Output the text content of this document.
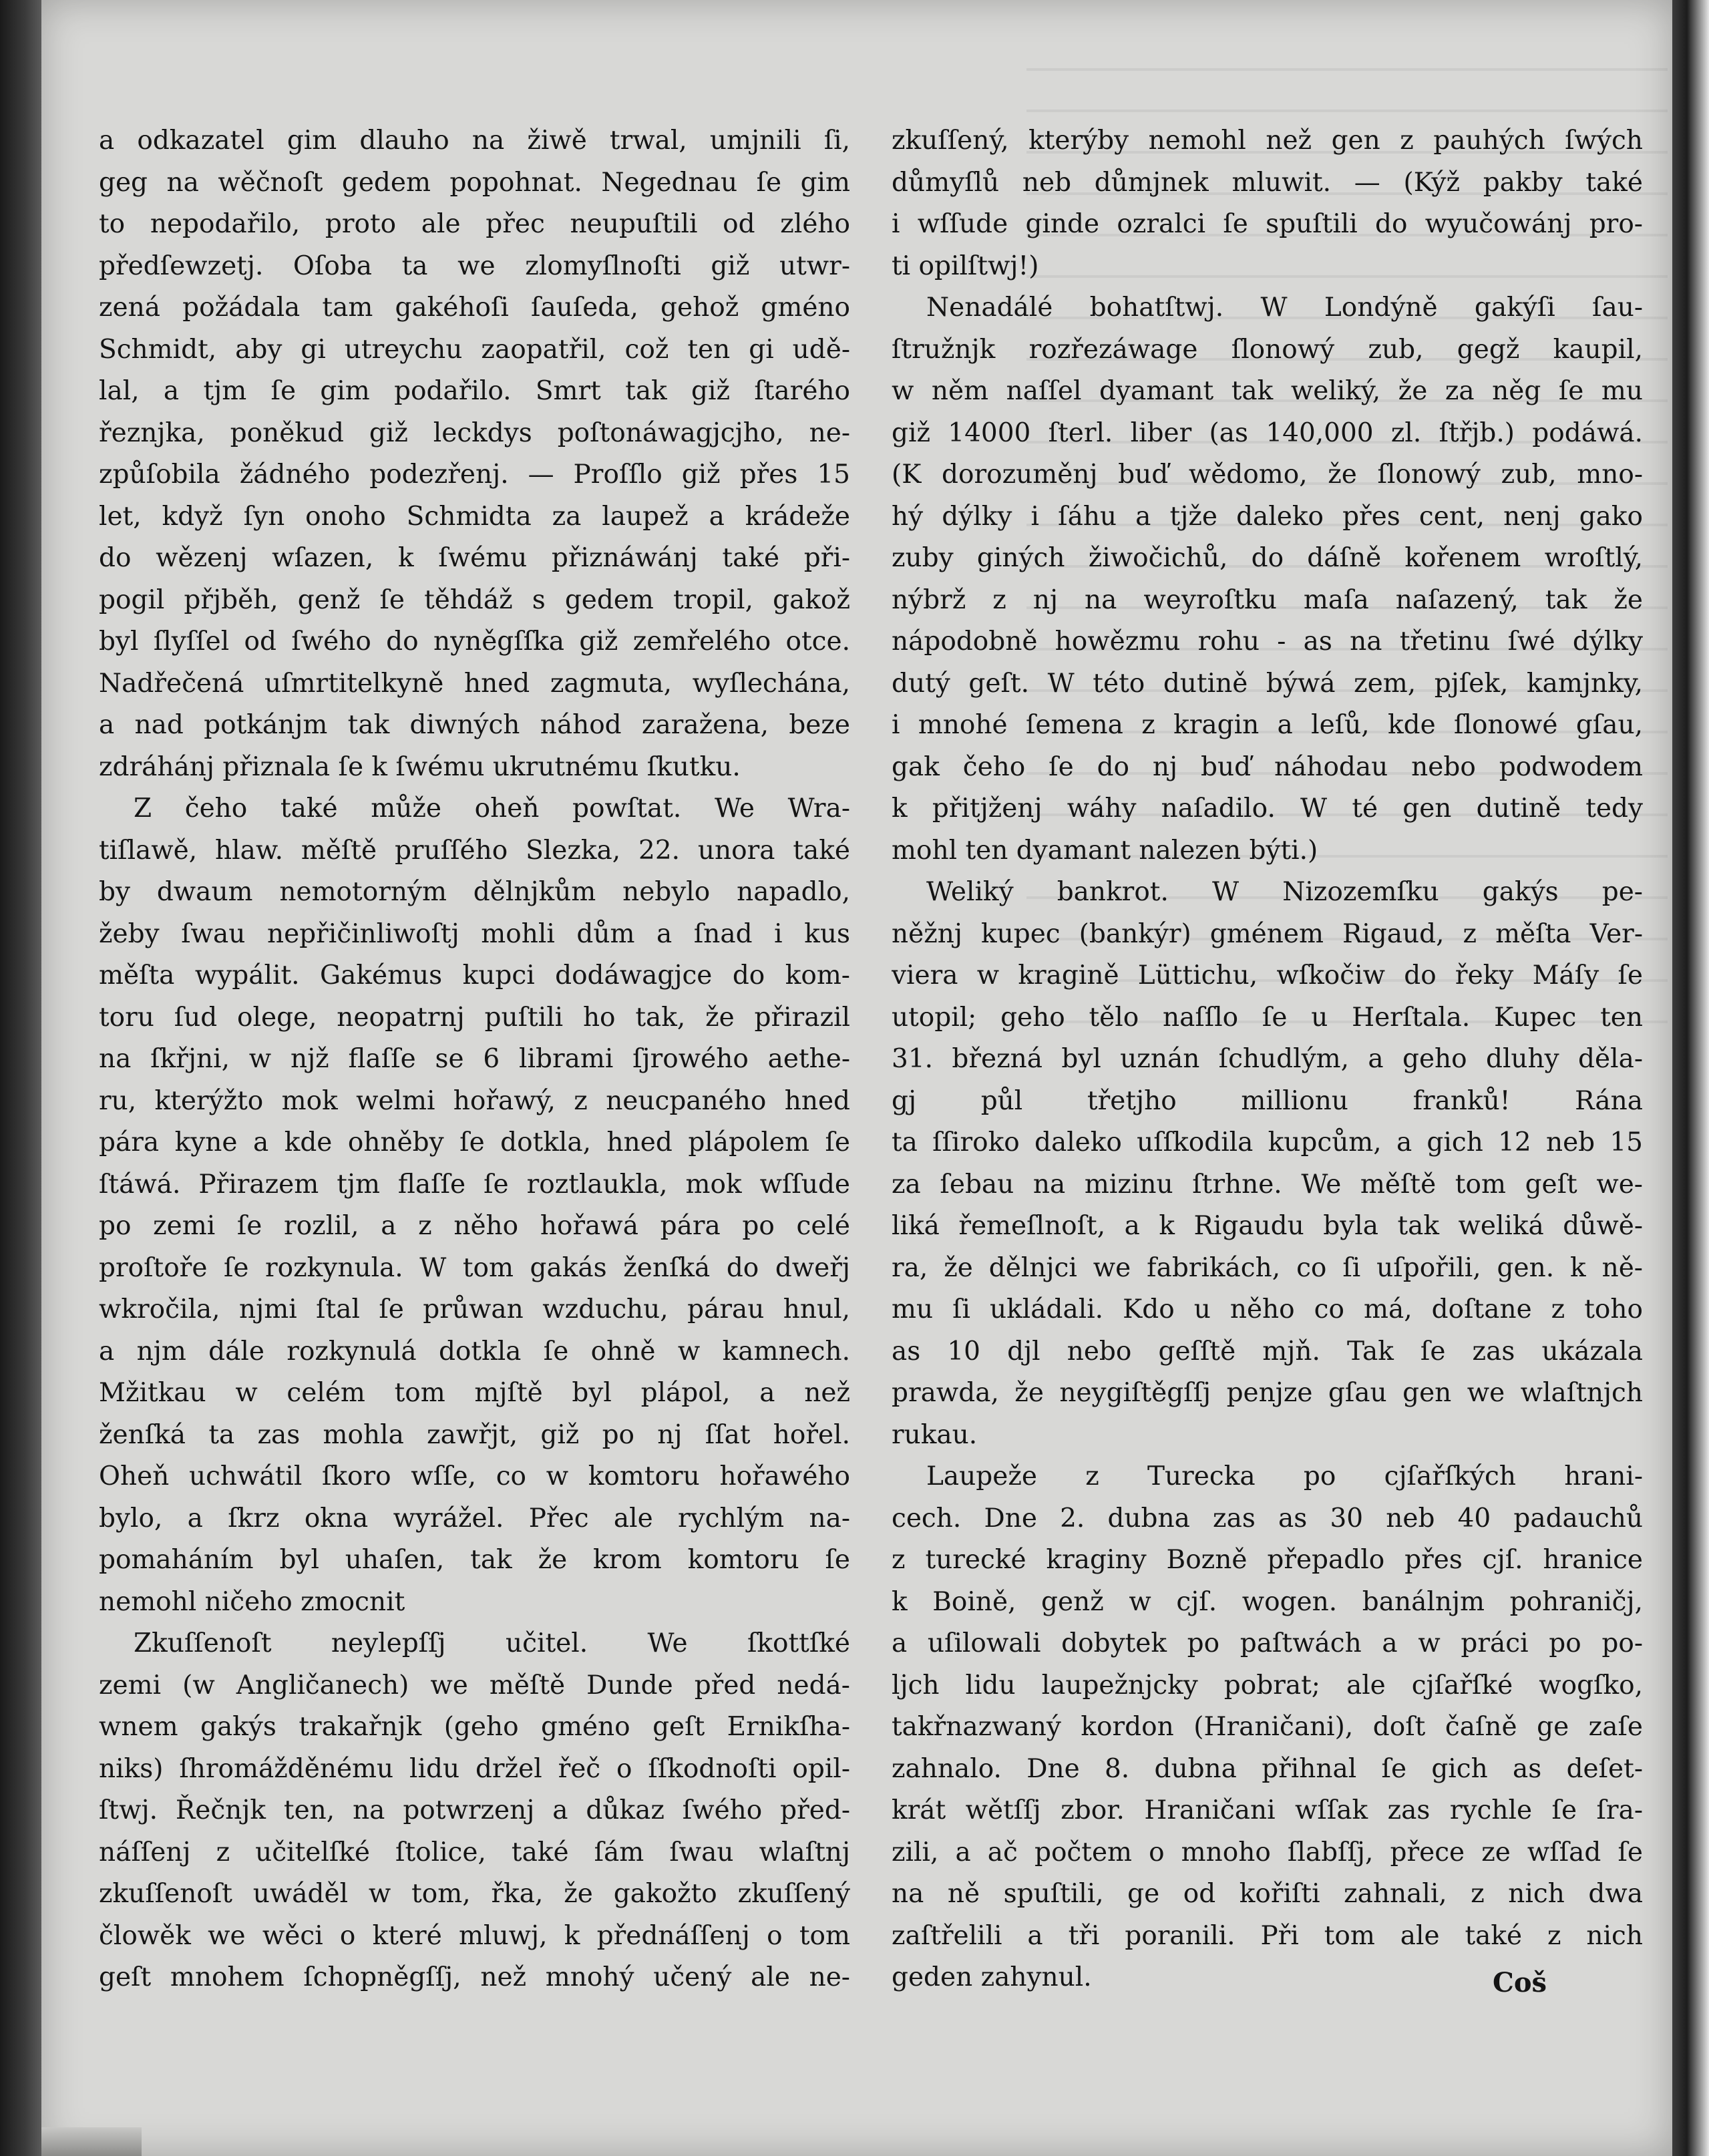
a odkazatel gim dlauho na žiwě trwal, umjnili ſi,
geg na wěčnoſt gedem popohnat. Negednau ſe gim
to nepodařilo, proto ale přec neupuſtili od zlého
předſewzetj. Oſoba ta we zlomyſlnoſti giž utwr-
zená požádala tam gakéhoſi ſauſeda, gehož gméno
Schmidt, aby gi utreychu zaopatřil, což ten gi udě-
lal, a tjm ſe gim podařilo. Smrt tak giž ſtarého
řeznjka, poněkud giž leckdys poſtonáwagjcjho, ne-
způſobila žádného podezřenj. — Proſſlo giž přes 15
let, když ſyn onoho Schmidta za laupež a krádeže
do wězenj wſazen, k ſwému přiznáwánj také při-
pogil přjběh, genž ſe těhdáž s gedem tropil, gakož
byl ſlyſſel od ſwého do nyněgſſka giž zemřelého otce.
Nadřečená uſmrtitelkyně hned zagmuta, wyſlechána,
a nad potkánjm tak diwných náhod zaražena, beze
zdráhánj přiznala ſe k ſwému ukrutnému ſkutku.
Z čeho také může oheň powſtat. We Wra-
tiſlawě, hlaw. měſtě pruſſého Slezka, 22. unora také
by dwaum nemotorným dělnjkům nebylo napadlo,
žeby ſwau nepřičinliwoſtj mohli dům a ſnad i kus
měſta wypálit. Gakémus kupci dodáwagjce do kom-
toru ſud olege, neopatrnj puſtili ho tak, že přirazil
na ſkřjni, w njž flaſſe se 6 librami ſjrowého aethe-
ru, kterýžto mok welmi hořawý, z neucpaného hned
pára kyne a kde ohněby ſe dotkla, hned plápolem ſe
ſtáwá. Přirazem tjm flaſſe ſe roztlaukla, mok wſſude
po zemi ſe rozlil, a z něho hořawá pára po celé
proſtoře ſe rozkynula. W tom gakás ženſká do dweřj
wkročila, njmi ſtal ſe průwan wzduchu, párau hnul,
a njm dále rozkynulá dotkla ſe ohně w kamnech.
Mžitkau w celém tom mjſtě byl plápol, a než
ženſká ta zas mohla zawřjt, giž po nj ſſat hořel.
Oheň uchwátil ſkoro wſſe, co w komtoru hořawého
bylo, a ſkrz okna wyrážel. Přec ale rychlým na-
pomaháním byl uhaſen, tak že krom komtoru ſe
nemohl ničeho zmocnit
Zkuſſenoſt neylepſſj učitel. We ſkottſké
zemi (w Angličanech) we měſtě Dunde před nedá-
wnem gakýs trakařnjk (geho gméno geſt Ernikſha-
niks) ſhromážděnému lidu držel řeč o ſſkodnoſti opil-
ſtwj. Řečnjk ten, na potwrzenj a důkaz ſwého před-
náſſenj z učitelſké ſtolice, také ſám ſwau wlaſtnj
zkuſſenoſt uwáděl w tom, řka, že gakožto zkuſſený
člowěk we wěci o které mluwj, k přednáſſenj o tom
geſt mnohem ſchopněgſſj, než mnohý učený ale ne-
zkuſſený, kterýby nemohl než gen z pauhých ſwých
důmyſlů neb důmjnek mluwit. — (Kýž pakby také
i wſſude ginde ozralci ſe spuſtili do wyučowánj pro-
ti opilſtwj!)
Nenadálé bohatſtwj. W Londýně gakýſi ſau-
ſtružnjk rozřezáwage ſlonowý zub, gegž kaupil,
w něm naſſel dyamant tak weliký, že za něg ſe mu
giž 14000 ſterl. liber (as 140,000 zl. ſtřjb.) podáwá.
(K dorozuměnj buď wědomo, že ſlonowý zub, mno-
hý dýlky i ſáhu a tjže daleko přes cent, nenj gako
zuby giných žiwočichů, do dáſně kořenem wroſtlý,
nýbrž z nj na weyroſtku maſa naſazený, tak že
nápodobně howězmu rohu - as na třetinu ſwé dýlky
dutý geſt. W této dutině býwá zem, pjſek, kamjnky,
i mnohé ſemena z kragin a leſů, kde ſlonowé gſau,
gak čeho ſe do nj buď náhodau nebo podwodem
k přitjženj wáhy naſadilo. W té gen dutině tedy
mohl ten dyamant nalezen býti.)
Weliký bankrot. W Nizozemſku gakýs pe-
něžnj kupec (bankýr) gménem Rigaud, z měſta Ver-
viera w kragině Lüttichu, wſkočiw do řeky Máſy ſe
utopil; geho tělo naſſlo ſe u Herſtala. Kupec ten
31. březná byl uznán ſchudlým, a geho dluhy děla-
gj půl třetjho millionu franků! Rána
ta ſſiroko daleko uſſkodila kupcům, a gich 12 neb 15
za ſebau na mizinu ſtrhne. We měſtě tom geſt we-
liká řemeſlnoſt, a k Rigaudu byla tak weliká důwě-
ra, že dělnjci we fabrikách, co ſi uſpořili, gen. k ně-
mu ſi ukládali. Kdo u něho co má, doſtane z toho
as 10 djl nebo geſſtě mjň. Tak ſe zas ukázala
prawda, že neygiſtěgſſj penjze gſau gen we wlaſtnjch
rukau.
Laupeže z Turecka po cjſařſkých hrani-
cech. Dne 2. dubna zas as 30 neb 40 padauchů
z turecké kraginy Bozně přepadlo přes cjſ. hranice
k Boině, genž w cjſ. wogen. banálnjm pohraničj,
a uſilowali dobytek po paſtwách a w práci po po-
ljch lidu laupežnjcky pobrat; ale cjſařſké wogſko,
takřnazwaný kordon (Hraničani), doſt čaſně ge zaſe
zahnalo. Dne 8. dubna přihnal ſe gich as deſet-
krát wětſſj zbor. Hraničani wſſak zas rychle ſe ſra-
zili, a ač počtem o mnoho ſlabſſj, přece ze wſſad ſe
na ně spuſtili, ge od kořiſti zahnali, z nich dwa
zaſtřelili a tři poranili. Při tom ale také z nich
geden zahynul.	Coš
